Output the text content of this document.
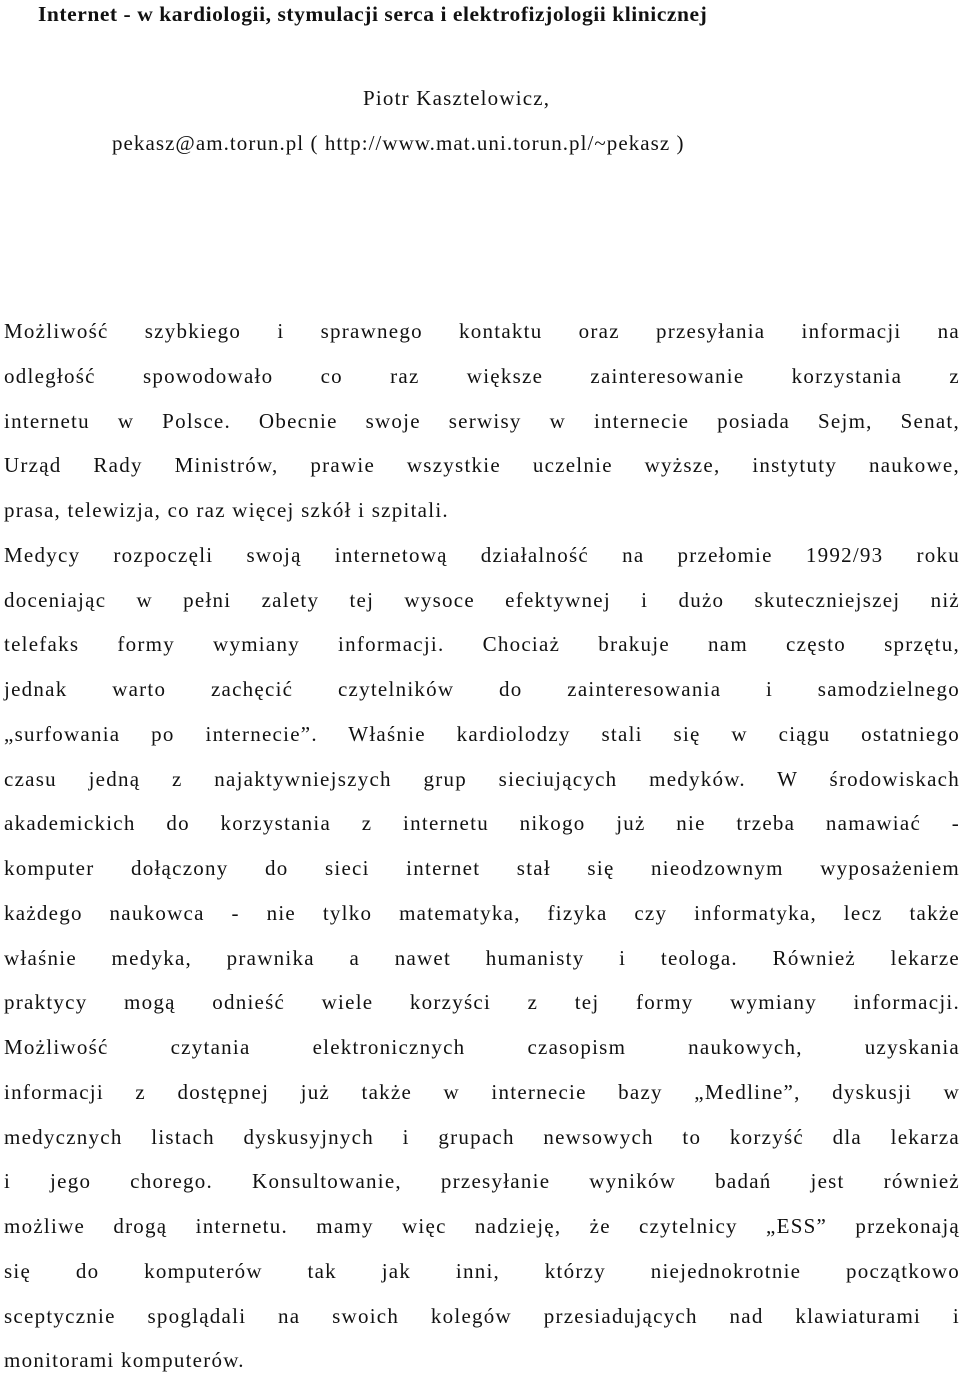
Internet - w kardiologii, stymulacji serca i elektrofizjologii klinicznej
Piotr Kasztelowicz,
pekasz@am.torun.pl ( http://www.mat.uni.torun.pl/~pekasz )
Możliwość szybkiego i sprawnego kontaktu oraz przesyłania informacji na
odległość spowodowało co raz większe zainteresowanie korzystania z
internetu w Polsce. Obecnie swoje serwisy w internecie posiada Sejm, Senat,
Urząd Rady Ministrów, prawie wszystkie uczelnie wyższe, instytuty naukowe,
prasa, telewizja, co raz więcej szkół i szpitali.
Medycy rozpoczęli swoją internetową działalność na przełomie 1992/93 roku
doceniając w pełni zalety tej wysoce efektywnej i dużo skuteczniejszej niż
telefaks formy wymiany informacji. Chociaż brakuje nam często sprzętu,
jednak warto zachęcić czytelników do zainteresowania i samodzielnego
„surfowania po internecie”. Właśnie kardiolodzy stali się w ciągu ostatniego
czasu jedną z najaktywniejszych grup sieciujących medyków. W środowiskach
akademickich do korzystania z internetu nikogo już nie trzeba namawiać -
komputer dołączony do sieci internet stał się nieodzownym wyposażeniem
każdego naukowca - nie tylko matematyka, fizyka czy informatyka, lecz także
właśnie medyka, prawnika a nawet humanisty i teologa. Również lekarze
praktycy mogą odnieść wiele korzyści z tej formy wymiany informacji.
Możliwość czytania elektronicznych czasopism naukowych, uzyskania
informacji z dostępnej już także w internecie bazy „Medline”, dyskusji w
medycznych listach dyskusyjnych i grupach newsowych to korzyść dla lekarza
i jego chorego. Konsultowanie, przesyłanie wyników badań jest również
możliwe drogą internetu. mamy więc nadzieję, że czytelnicy „ESS” przekonają
się do komputerów tak jak inni, którzy niejednokrotnie początkowo
sceptycznie spoglądali na swoich kolegów przesiadujących nad klawiaturami i
monitorami komputerów.
